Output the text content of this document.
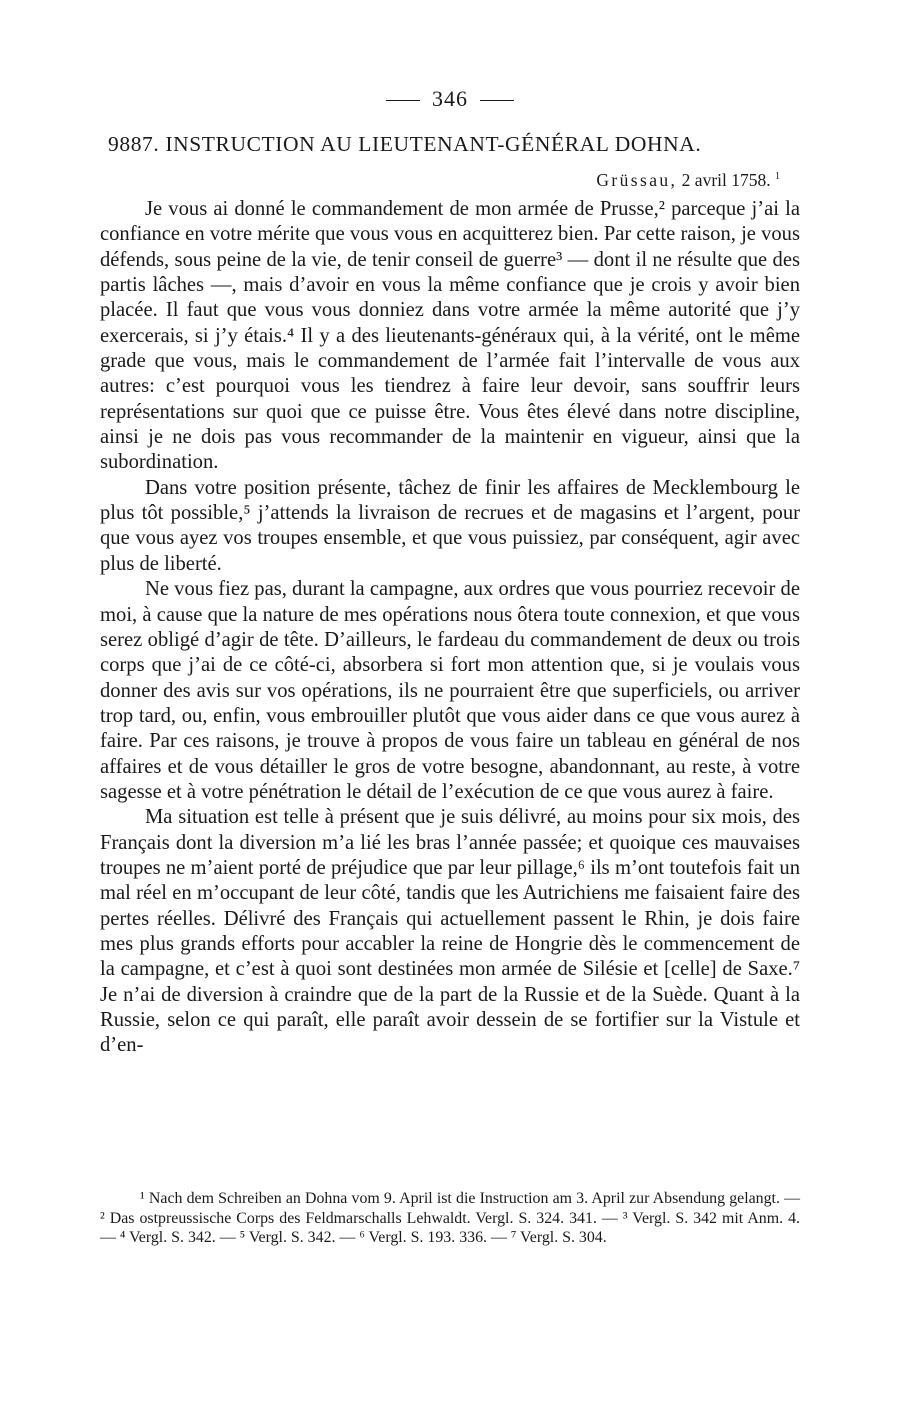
346
9887. INSTRUCTION AU LIEUTENANT-GÉNÉRAL DOHNA.
Grüssau, 2 avril 1758. $^1$

Je vous ai donné le commandement de mon armée de Prusse,² parceque j’ai la confiance en votre mérite que vous vous en acquitterez bien. Par cette raison, je vous défends, sous peine de la vie, de tenir conseil de guerre³ — dont il ne résulte que des partis lâches —, mais d’avoir en vous la même confiance que je crois y avoir bien placée. Il faut que vous vous donniez dans votre armée la même autorité que j’y exercerais, si j’y étais.⁴ Il y a des lieutenants-généraux qui, à la vérité, ont le même grade que vous, mais le commandement de l’armée fait l’intervalle de vous aux autres: c’est pourquoi vous les tiendrez à faire leur devoir, sans souffrir leurs représentations sur quoi que ce puisse être. Vous êtes élevé dans notre discipline, ainsi je ne dois pas vous recommander de la maintenir en vigueur, ainsi que la subordination.

Dans votre position présente, tâchez de finir les affaires de Mecklembourg le plus tôt possible,⁵ j’attends la livraison de recrues et de magasins et l’argent, pour que vous ayez vos troupes ensemble, et que vous puissiez, par conséquent, agir avec plus de liberté.

Ne vous fiez pas, durant la campagne, aux ordres que vous pourriez recevoir de moi, à cause que la nature de mes opérations nous ôtera toute connexion, et que vous serez obligé d’agir de tête. D’ailleurs, le fardeau du commandement de deux ou trois corps que j’ai de ce côté-ci, absorbera si fort mon attention que, si je voulais vous donner des avis sur vos opérations, ils ne pourraient être que superficiels, ou arriver trop tard, ou, enfin, vous embrouiller plutôt que vous aider dans ce que vous aurez à faire. Par ces raisons, je trouve à propos de vous faire un tableau en général de nos affaires et de vous détailler le gros de votre besogne, abandonnant, au reste, à votre sagesse et à votre pénétration le détail de l’exécution de ce que vous aurez à faire.

Ma situation est telle à présent que je suis délivré, au moins pour six mois, des Français dont la diversion m’a lié les bras l’année passée; et quoique ces mauvaises troupes ne m’aient porté de préjudice que par leur pillage,⁶ ils m’ont toutefois fait un mal réel en m’occupant de leur côté, tandis que les Autrichiens me faisaient faire des pertes réelles. Délivré des Français qui actuellement passent le Rhin, je dois faire mes plus grands efforts pour accabler la reine de Hongrie dès le commencement de la campagne, et c’est à quoi sont destinées mon armée de Silésie et [celle] de Saxe.⁷ Je n’ai de diversion à craindre que de la part de la Russie et de la Suède. Quant à la Russie, selon ce qui paraît, elle paraît avoir dessein de se fortifier sur la Vistule et d’en-

¹ Nach dem Schreiben an Dohna vom 9. April ist die Instruction am 3. April zur Absendung gelangt. — ² Das ostpreussische Corps des Feldmarschalls Lehwaldt. Vergl. S. 324. 341. — ³ Vergl. S. 342 mit Anm. 4. — ⁴ Vergl. S. 342. — ⁵ Vergl. S. 342. — ⁶ Vergl. S. 193. 336. — ⁷ Vergl. S. 304.
